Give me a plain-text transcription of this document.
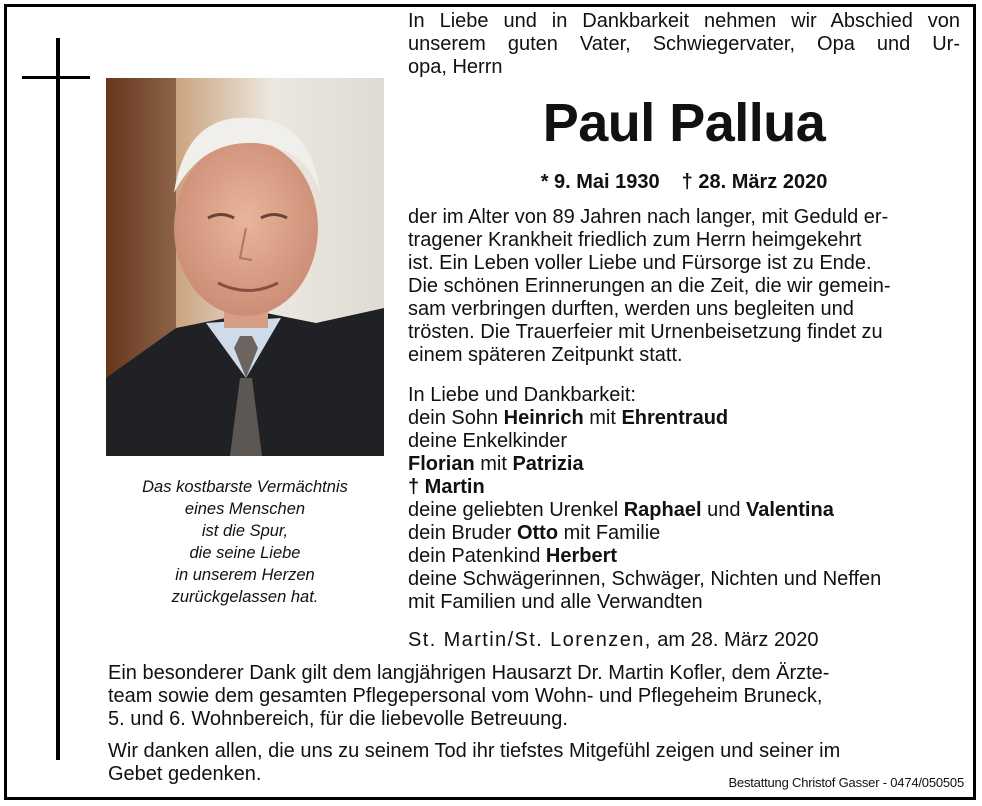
Das kostbarste Vermächtnis
eines Menschen
ist die Spur,
die seine Liebe
in unserem Herzen
zurückgelassen hat.
In Liebe und in Dankbarkeit nehmen wir Abschied von
unserem guten Vater, Schwiegervater, Opa und Ur-
opa, Herrn
Paul Pallua
* 9. Mai 1930 † 28. März 2020
der im Alter von 89 Jahren nach langer, mit Geduld er-
tragener Krankheit friedlich zum Herrn heimgekehrt
ist. Ein Leben voller Liebe und Fürsorge ist zu Ende.
Die schönen Erinnerungen an die Zeit, die wir gemein-
sam verbringen durften, werden uns begleiten und
trösten. Die Trauerfeier mit Urnenbeisetzung findet zu
einem späteren Zeitpunkt statt.
In Liebe und Dankbarkeit:
dein Sohn Heinrich mit Ehrentraud
deine Enkelkinder
Florian mit Patrizia
† Martin
deine geliebten Urenkel Raphael und Valentina
dein Bruder Otto mit Familie
dein Patenkind Herbert
deine Schwägerinnen, Schwäger, Nichten und Neffen
mit Familien und alle Verwandten
St. Martin/St. Lorenzen, am 28. März 2020
Ein besonderer Dank gilt dem langjährigen Hausarzt Dr. Martin Kofler, dem Ärzte-
team sowie dem gesamten Pflegepersonal vom Wohn- und Pflegeheim Bruneck,
5. und 6. Wohnbereich, für die liebevolle Betreuung.
Wir danken allen, die uns zu seinem Tod ihr tiefstes Mitgefühl zeigen und seiner im
Gebet gedenken.	Bestattung Christof Gasser - 0474/050505
